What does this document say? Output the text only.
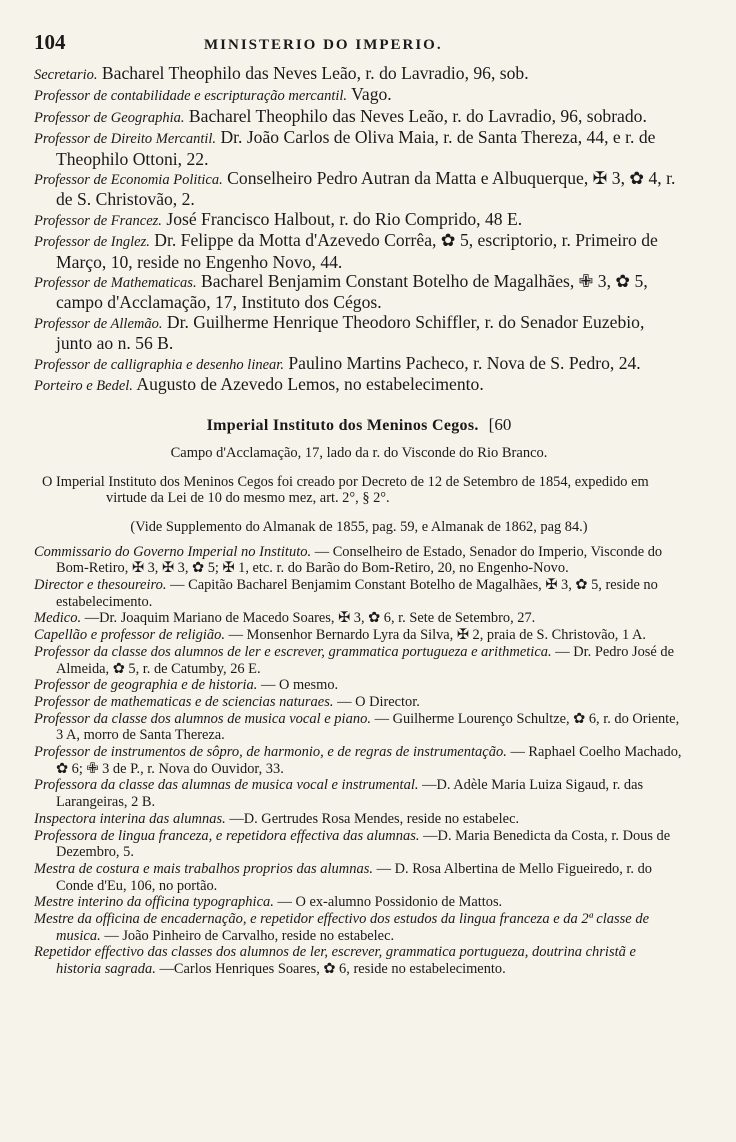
104	MINISTERIO DO IMPERIO.

Secretario. Bacharel Theophilo das Neves Leão, r. do Lavradio, 96, sob.

Professor de contabilidade e escripturação mercantil. Vago.

Professor de Geographia. Bacharel Theophilo das Neves Leão, r. do Lavradio, 96, sobrado.

Professor de Direito Mercantil. Dr. João Carlos de Oliva Maia, r. de Santa Thereza, 44, e r. de Theophilo Ottoni, 22.

Professor de Economia Politica. Conselheiro Pedro Autran da Matta e Albuquerque, ✠ 3, ✿ 4, r. de S. Christovão, 2.

Professor de Francez. José Francisco Halbout, r. do Rio Comprido, 48 E.

Professor de Inglez. Dr. Felippe da Motta d'Azevedo Corrêa, ✿ 5, escriptorio, r. Primeiro de Março, 10, reside no Engenho Novo, 44.

Professor de Mathematicas. Bacharel Benjamim Constant Botelho de Magalhães, ✙ 3, ✿ 5, campo d'Acclamação, 17, Instituto dos Cégos.

Professor de Allemão. Dr. Guilherme Henrique Theodoro Schiffler, r. do Senador Euzebio, junto ao n. 56 B.

Professor de calligraphia e desenho linear. Paulino Martins Pacheco, r. Nova de S. Pedro, 24.

Porteiro e Bedel. Augusto de Azevedo Lemos, no estabelecimento.

Imperial Instituto dos Meninos Cegos. [60
Campo d'Acclamação, 17, lado da r. do Visconde do Rio Branco.

O Imperial Instituto dos Meninos Cegos foi creado por Decreto de 12 de Setembro de 1854, expedido em virtude da Lei de 10 do mesmo mez, art. 2°, § 2°.

(Vide Supplemento do Almanak de 1855, pag. 59, e Almanak de 1862, pag 84.)

Commissario do Governo Imperial no Instituto. — Conselheiro de Estado, Senador do Imperio, Visconde do Bom-Retiro, ✠ 3, ✠ 3, ✿ 5; ✠ 1, etc. r. do Barão do Bom-Retiro, 20, no Engenho-Novo.

Director e thesoureiro. — Capitão Bacharel Benjamim Constant Botelho de Magalhães, ✠ 3, ✿ 5, reside no estabelecimento.

Medico. —Dr. Joaquim Mariano de Macedo Soares, ✠ 3, ✿ 6, r. Sete de Setembro, 27.

Capellão e professor de religião. — Monsenhor Bernardo Lyra da Silva, ✠ 2, praia de S. Christovão, 1 A.

Professor da classe dos alumnos de ler e escrever, grammatica portugueza e arithmetica. — Dr. Pedro José de Almeida, ✿ 5, r. de Catumby, 26 E.

Professor de geographia e de historia. — O mesmo.

Professor de mathematicas e de sciencias naturaes. — O Director.

Professor da classe dos alumnos de musica vocal e piano. — Guilherme Lourenço Schultze, ✿ 6, r. do Oriente, 3 A, morro de Santa Thereza.

Professor de instrumentos de sôpro, de harmonio, e de regras de instrumentação. — Raphael Coelho Machado, ✿ 6; ✙ 3 de P., r. Nova do Ouvidor, 33.

Professora da classe das alumnas de musica vocal e instrumental. —D. Adèle Maria Luiza Sigaud, r. das Larangeiras, 2 B.

Inspectora interina das alumnas. —D. Gertrudes Rosa Mendes, reside no estabelec.

Professora de lingua franceza, e repetidora effectiva das alumnas. —D. Maria Benedicta da Costa, r. Dous de Dezembro, 5.

Mestra de costura e mais trabalhos proprios das alumnas. — D. Rosa Albertina de Mello Figueiredo, r. do Conde d'Eu, 106, no portão.

Mestre interino da officina typographica. — O ex-alumno Possidonio de Mattos.

Mestre da officina de encadernação, e repetidor effectivo dos estudos da lingua franceza e da 2ª classe de musica. — João Pinheiro de Carvalho, reside no estabelec.

Repetidor effectivo das classes dos alumnos de ler, escrever, grammatica portugueza, doutrina christã e historia sagrada. —Carlos Henriques Soares, ✿ 6, reside no estabelecimento.
